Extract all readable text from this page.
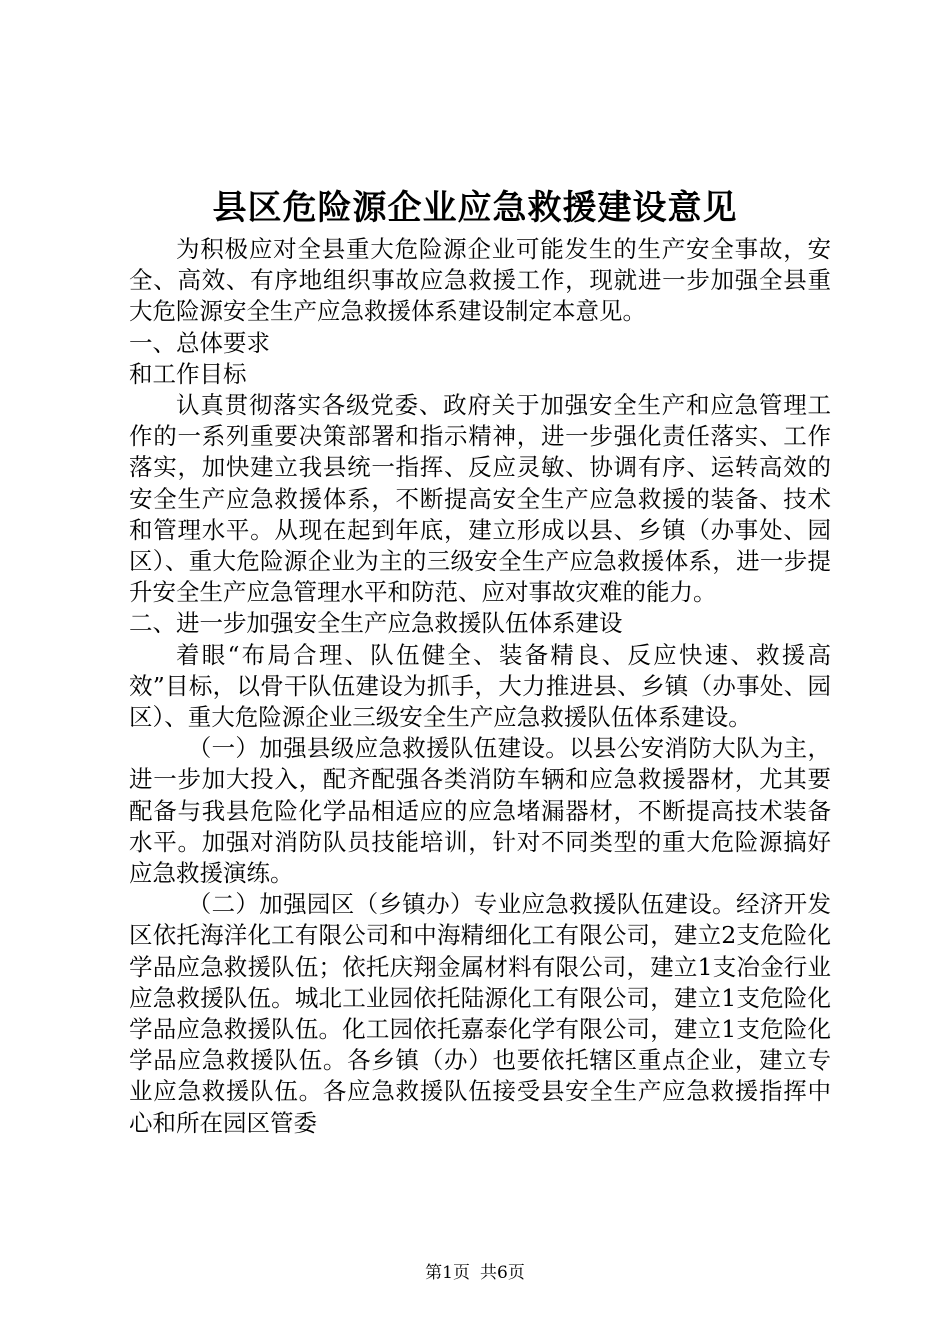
县区危险源企业应急救援建设意见

为积极应对全县重大危险源企业可能发生的生产安全事故，安全、高效、有序地组织事故应急救援工作，现就进一步加强全县重大危险源安全生产应急救援体系建设制定本意见。

一、总体要求

和工作目标

认真贯彻落实各级党委、政府关于加强安全生产和应急管理工作的一系列重要决策部署和指示精神，进一步强化责任落实、工作落实，加快建立我县统一指挥、反应灵敏、协调有序、运转高效的安全生产应急救援体系，不断提高安全生产应急救援的装备、技术和管理水平。从现在起到年底，建立形成以县、乡镇（办事处、园区）、重大危险源企业为主的三级安全生产应急救援体系，进一步提升安全生产应急管理水平和防范、应对事故灾难的能力。

二、进一步加强安全生产应急救援队伍体系建设

着眼“布局合理、队伍健全、装备精良、反应快速、救援高效”目标，以骨干队伍建设为抓手，大力推进县、乡镇（办事处、园区）、重大危险源企业三级安全生产应急救援队伍体系建设。

（一）加强县级应急救援队伍建设。以县公安消防大队为主，进一步加大投入，配齐配强各类消防车辆和应急救援器材，尤其要配备与我县危险化学品相适应的应急堵漏器材，不断提高技术装备水平。加强对消防队员技能培训，针对不同类型的重大危险源搞好应急救援演练。

（二）加强园区（乡镇办）专业应急救援队伍建设。经济开发区依托海洋化工有限公司和中海精细化工有限公司，建立2支危险化学品应急救援队伍；依托庆翔金属材料有限公司，建立1支冶金行业应急救援队伍。城北工业园依托陆源化工有限公司，建立1支危险化学品应急救援队伍。化工园依托嘉泰化学有限公司，建立1支危险化学品应急救援队伍。各乡镇（办）也要依托辖区重点企业，建立专业应急救援队伍。各应急救援队伍接受县安全生产应急救援指挥中心和所在园区管委

第1页 共6页
